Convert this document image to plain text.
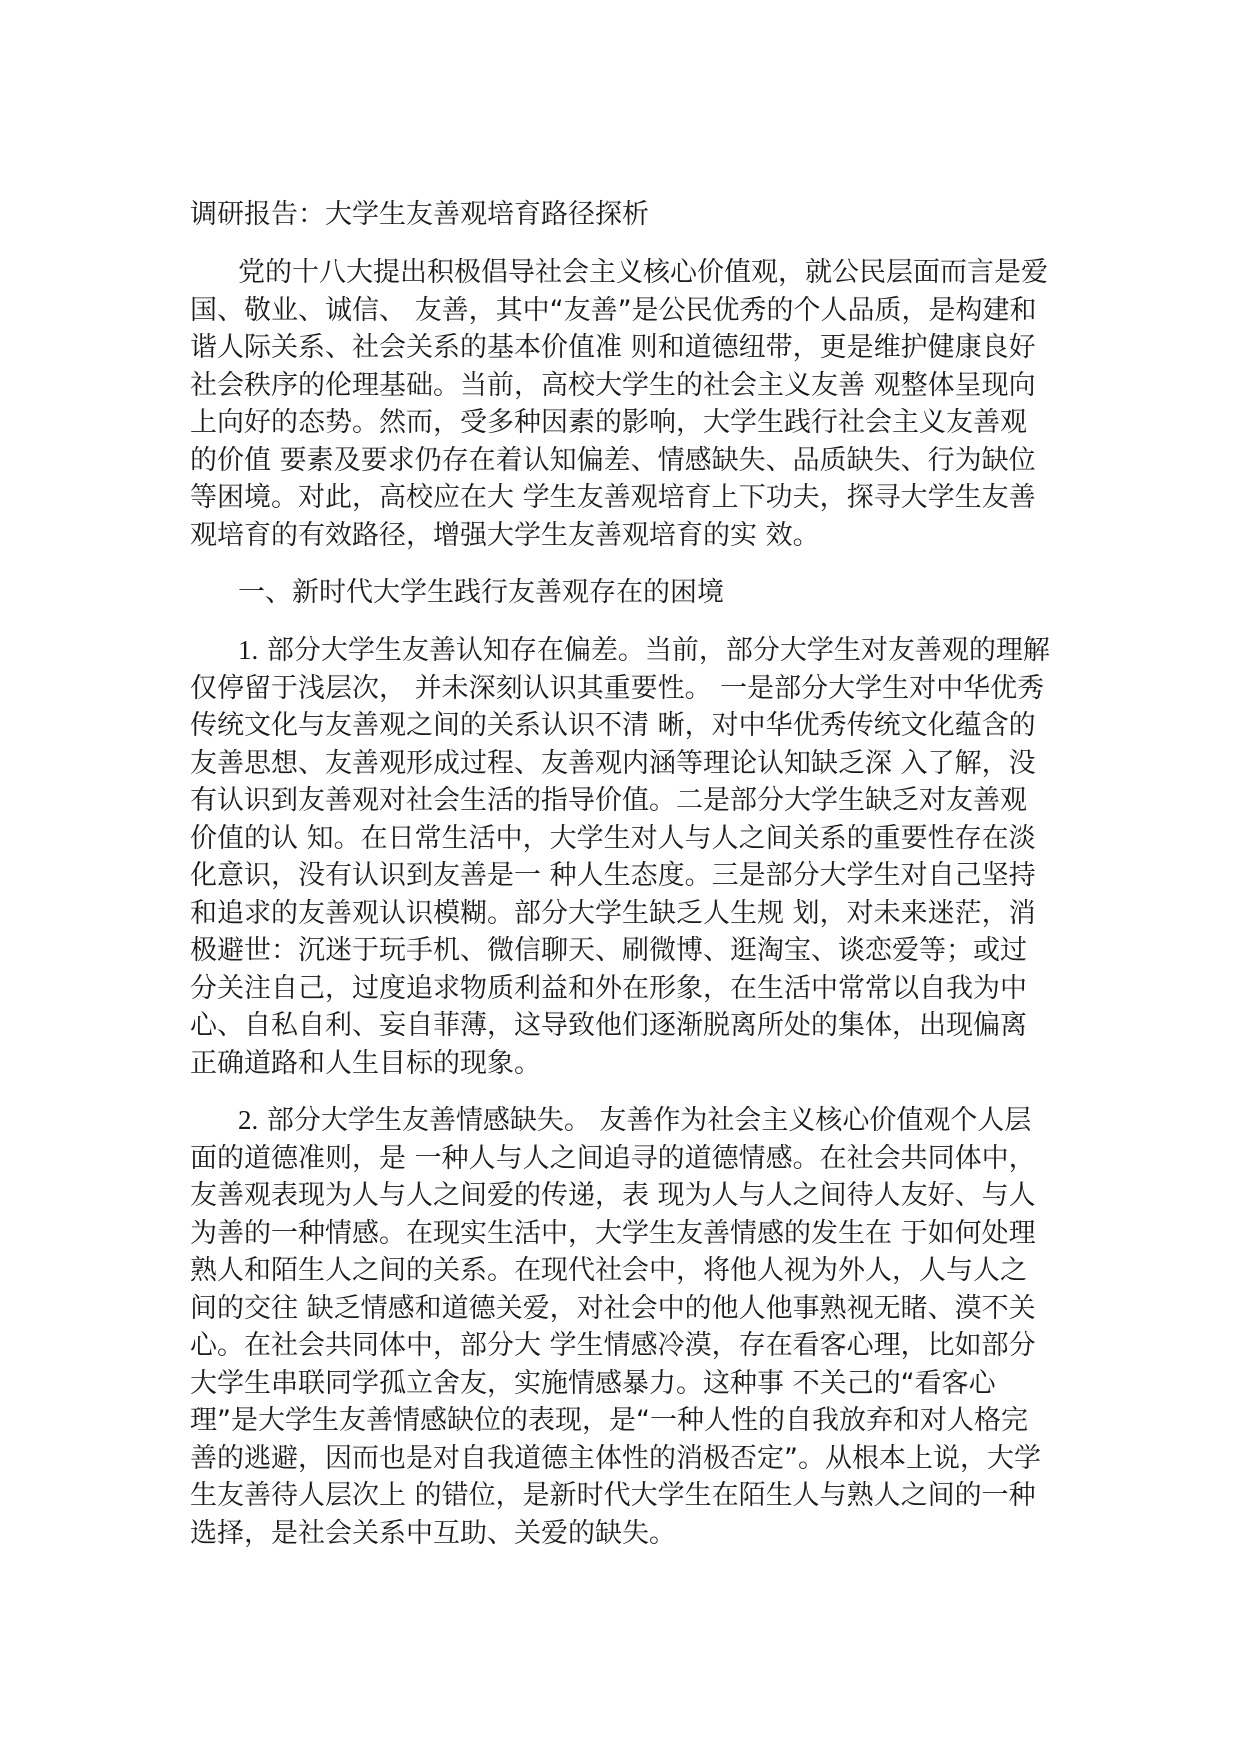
调研报告：大学生友善观培育路径探析

党的十八大提出积极倡导社会主义核心价值观，就公民层面而言是爱国、敬业、诚信、 友善，其中“友善”是公民优秀的个人品质，是构建和谐人际关系、社会关系的基本价值准 则和道德纽带，更是维护健康良好社会秩序的伦理基础。当前，高校大学生的社会主义友善 观整体呈现向上向好的态势。然而，受多种因素的影响，大学生践行社会主义友善观的价值 要素及要求仍存在着认知偏差、情感缺失、品质缺失、行为缺位等困境。对此，高校应在大 学生友善观培育上下功夫，探寻大学生友善观培育的有效路径，增强大学生友善观培育的实 效。

一、新时代大学生践行友善观存在的困境

1. 部分大学生友善认知存在偏差。当前，部分大学生对友善观的理解仅停留于浅层次， 并未深刻认识其重要性。 一是部分大学生对中华优秀传统文化与友善观之间的关系认识不清 晰，对中华优秀传统文化蕴含的友善思想、友善观形成过程、友善观内涵等理论认知缺乏深 入了解，没有认识到友善观对社会生活的指导价值。二是部分大学生缺乏对友善观价值的认 知。在日常生活中，大学生对人与人之间关系的重要性存在淡化意识，没有认识到友善是一 种人生态度。三是部分大学生对自己坚持和追求的友善观认识模糊。部分大学生缺乏人生规 划，对未来迷茫，消极避世：沉迷于玩手机、微信聊天、刷微博、逛淘宝、谈恋爱等；或过 分关注自己，过度追求物质利益和外在形象，在生活中常常以自我为中心、自私自利、妄自菲薄，这导致他们逐渐脱离所处的集体，出现偏离正确道路和人生目标的现象。

2. 部分大学生友善情感缺失。 友善作为社会主义核心价值观个人层面的道德准则，是 一种人与人之间追寻的道德情感。在社会共同体中，友善观表现为人与人之间爱的传递，表 现为人与人之间待人友好、与人为善的一种情感。在现实生活中，大学生友善情感的发生在 于如何处理熟人和陌生人之间的关系。在现代社会中，将他人视为外人，人与人之间的交往 缺乏情感和道德关爱，对社会中的他人他事熟视无睹、漠不关心。在社会共同体中，部分大 学生情感冷漠，存在看客心理，比如部分大学生串联同学孤立舍友，实施情感暴力。这种事 不关己的“看客心理”是大学生友善情感缺位的表现，是“一种人性的自我放弃和对人格完 善的逃避，因而也是对自我道德主体性的消极否定”。从根本上说，大学生友善待人层次上 的错位，是新时代大学生在陌生人与熟人之间的一种选择，是社会关系中互助、关爱的缺失。
